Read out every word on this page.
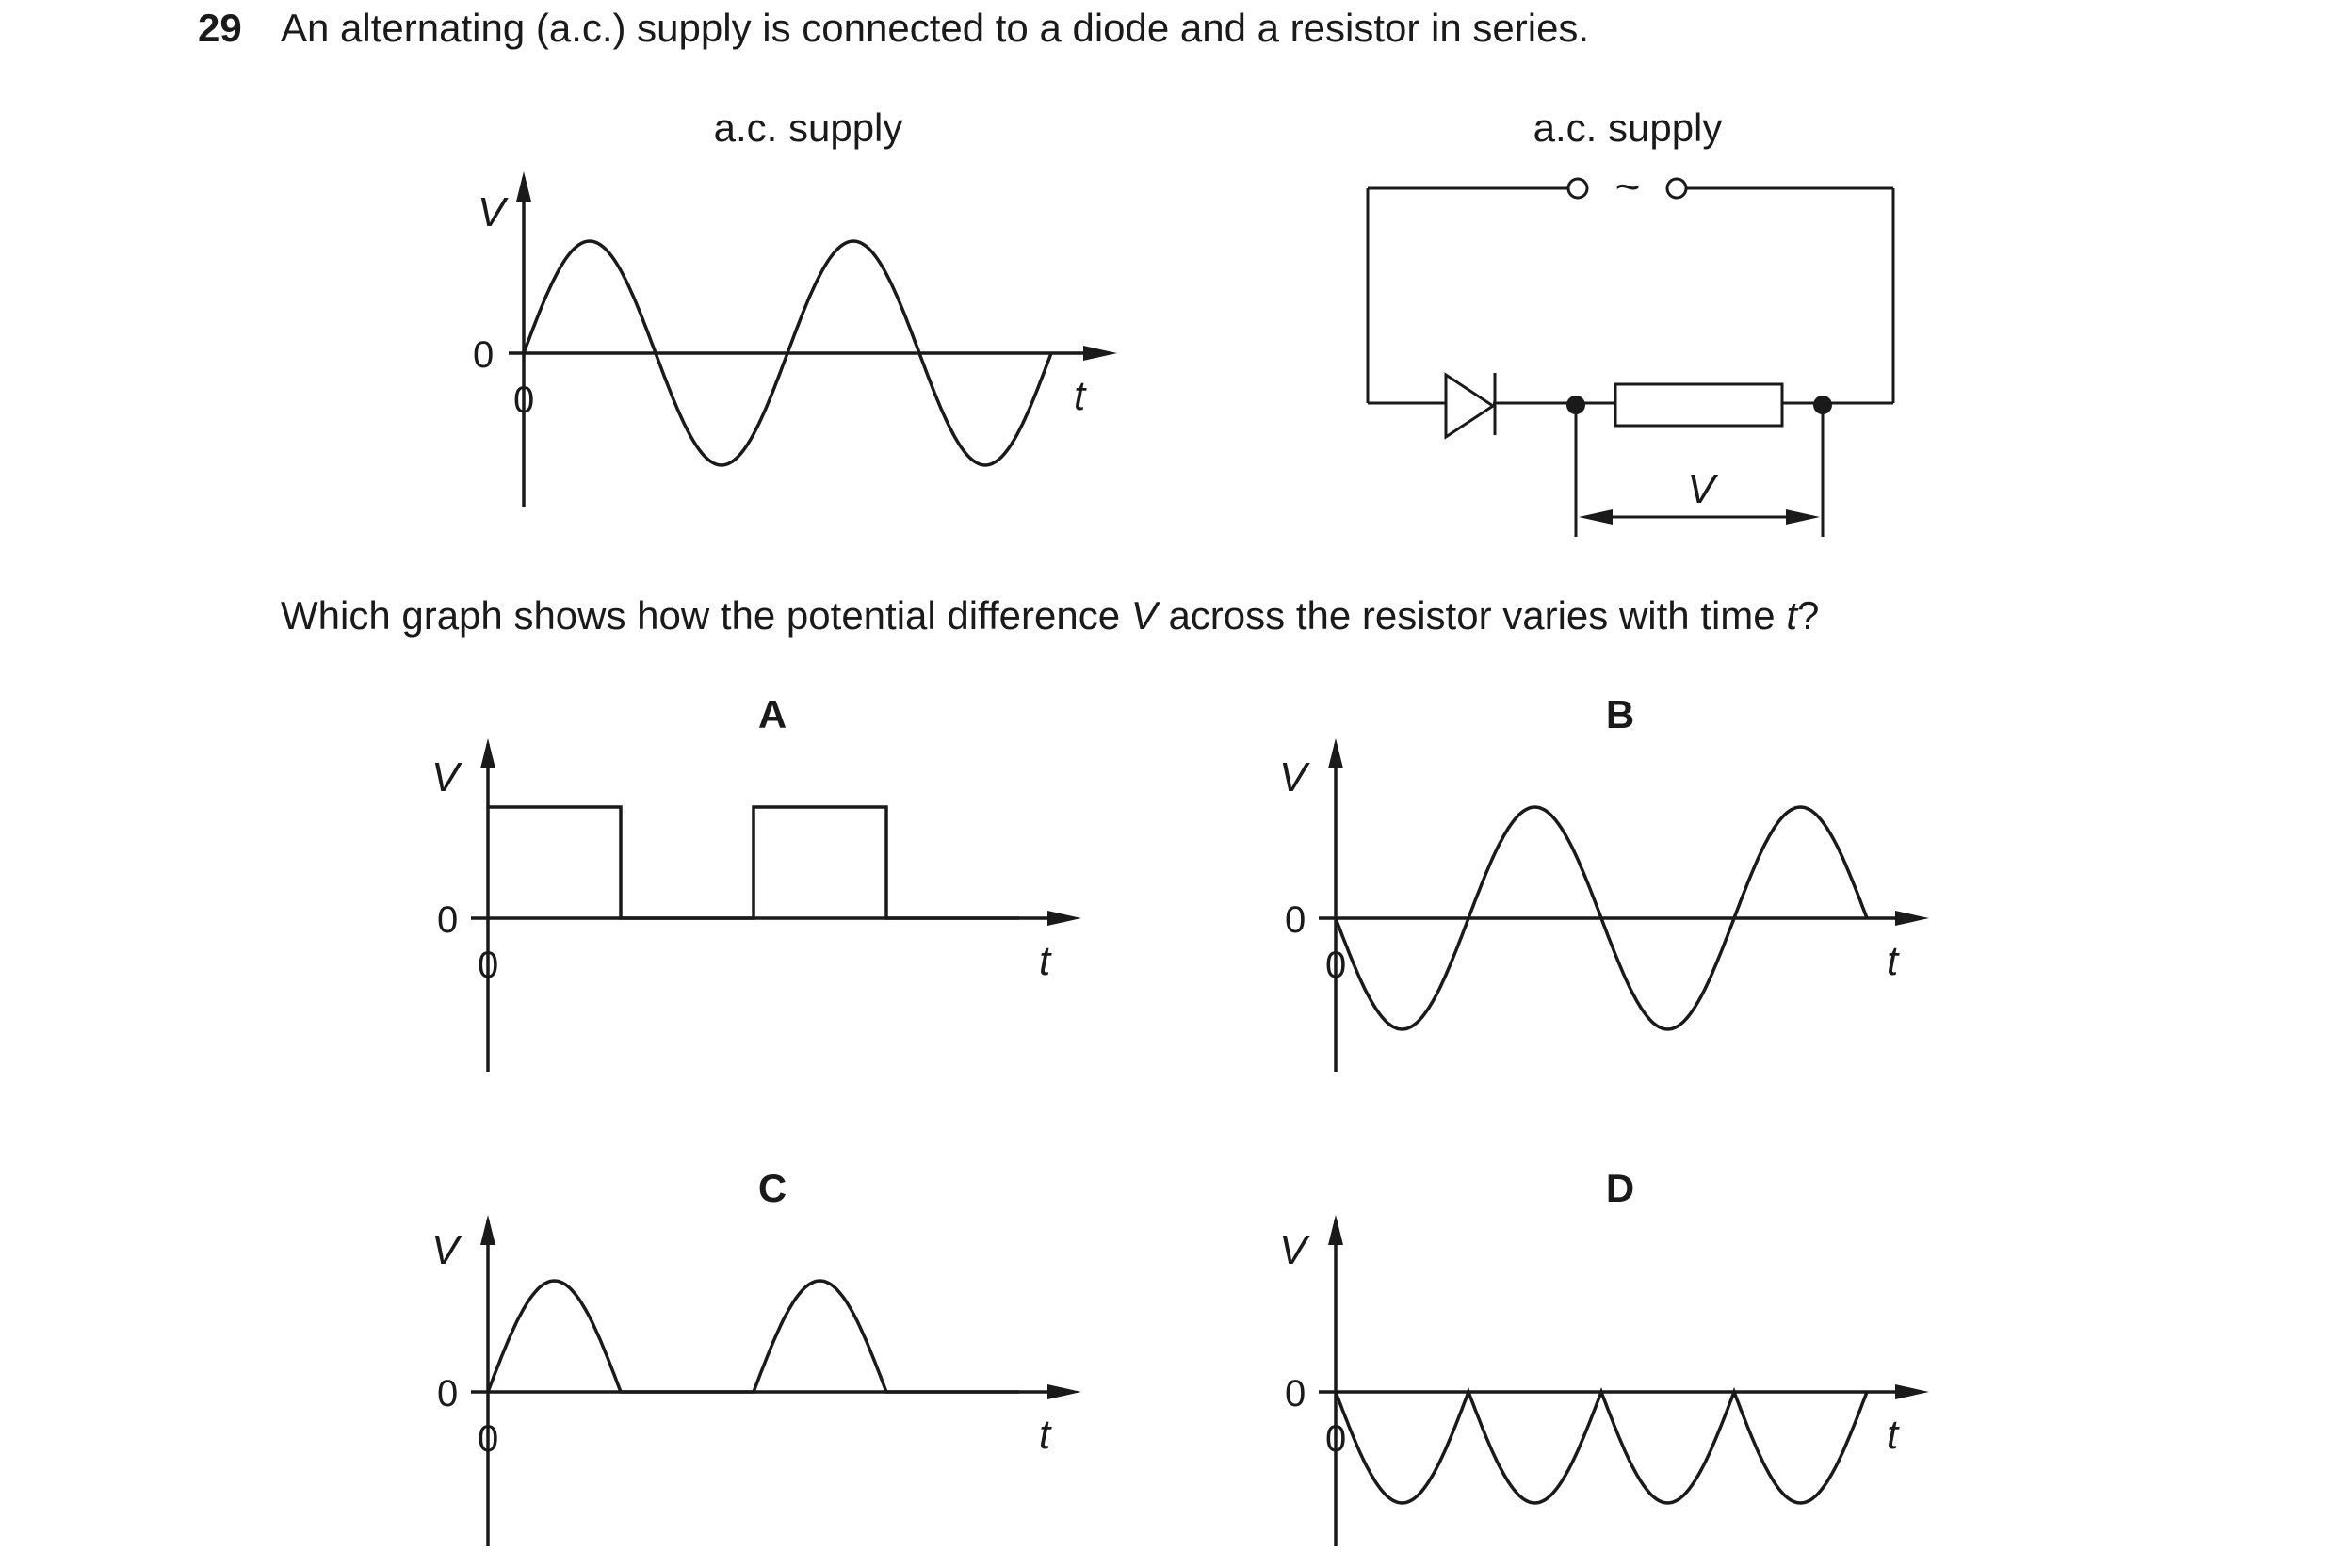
29 An alternating (a.c.) supply is connected to a diode and a resistor in series.
a.c. supply
V
0
0	t
a.c. supply
~
V
Which graph shows how the potential difference V across the resistor varies with time t?
A
V
0
0	t
B
V
0
0	t
C
V
0
0	t
D
V
0
0	t
